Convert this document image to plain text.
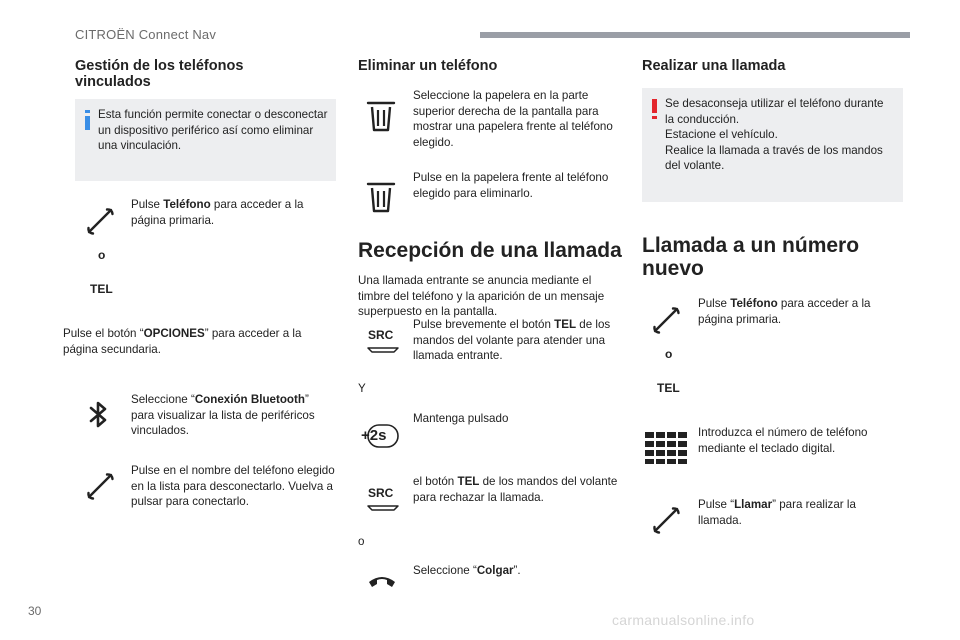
CITROËN Connect Nav
Gestión de los teléfonos vinculados
Esta función permite conectar o desconectar un dispositivo periférico así como eliminar una vinculación.
Pulse Teléfono para acceder a la página primaria.
o
TEL
Pulse el botón “OPCIONES” para acceder a la página secundaria.
Seleccione “Conexión Bluetooth” para visualizar la lista de periféricos vinculados.
Pulse en el nombre del teléfono elegido en la lista para desconectarlo. Vuelva a pulsar para conectarlo.
Eliminar un teléfono
Seleccione la papelera en la parte superior derecha de la pantalla para mostrar una papelera frente al teléfono elegido.
Pulse en la papelera frente al teléfono elegido para eliminarlo.
Recepción de una llamada
Una llamada entrante se anuncia mediante el timbre del teléfono y la aparición de un mensaje superpuesto en la pantalla.
SRC
Pulse brevemente el botón TEL de los mandos del volante para atender una llamada entrante.
Y
+2s
Mantenga pulsado
SRC
el botón TEL de los mandos del volante para rechazar la llamada.
o
Seleccione “Colgar”.
Realizar una llamada
Se desaconseja utilizar el teléfono durante la conducción.
Estacione el vehículo.
Realice la llamada a través de los mandos del volante.
Llamada a un número nuevo
Pulse Teléfono para acceder a la página primaria.
o
TEL
Introduzca el número de teléfono mediante el teclado digital.
Pulse “Llamar” para realizar la llamada.
30
carmanualsonline.info
